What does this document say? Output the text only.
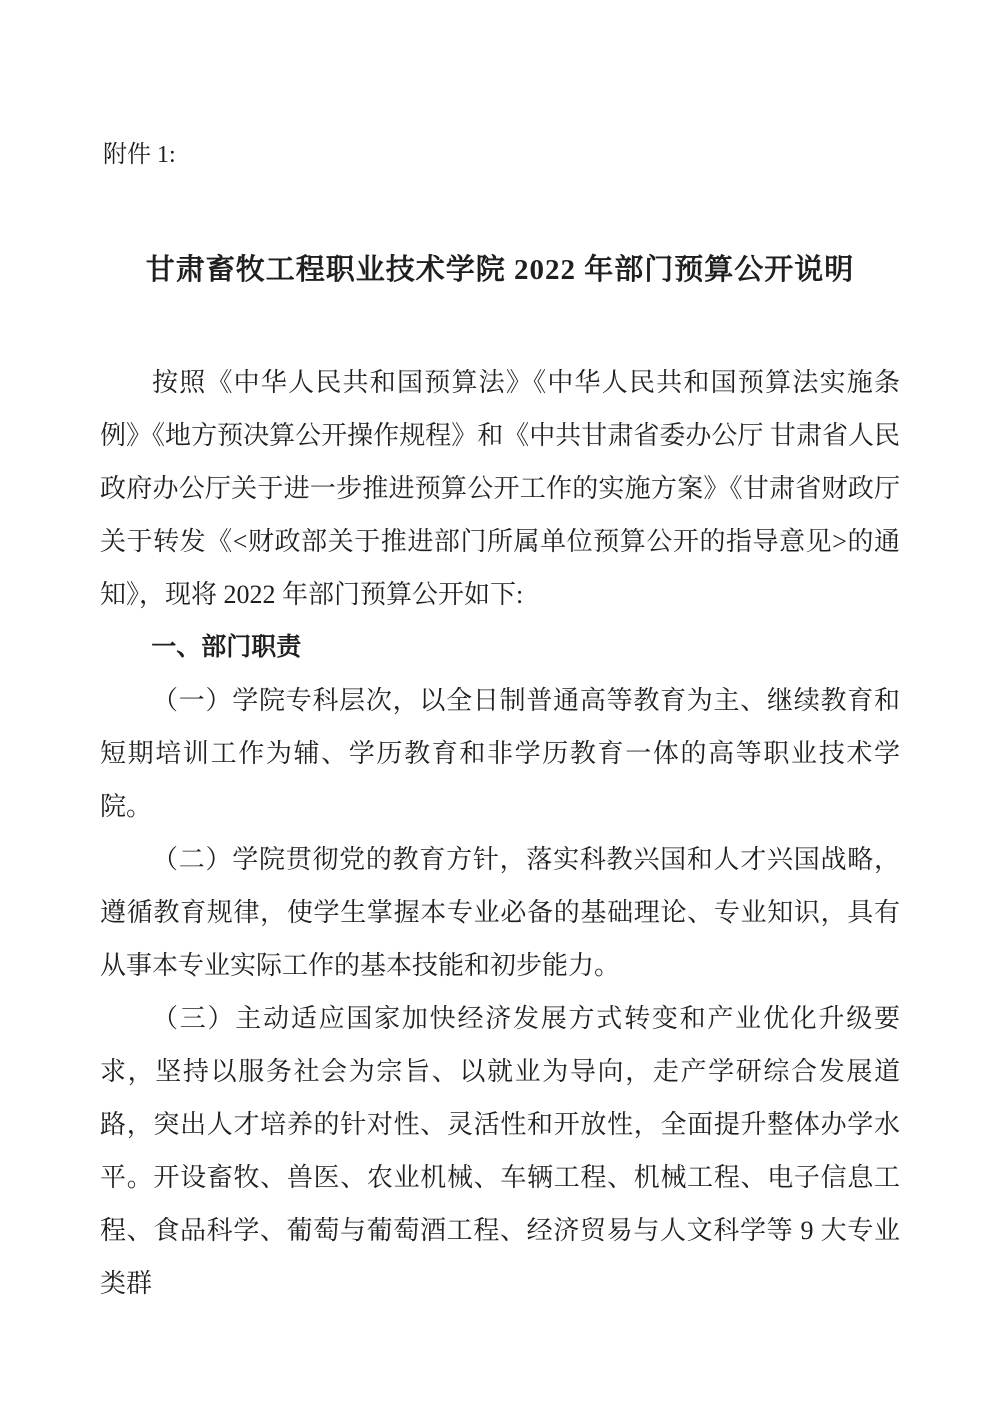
附件 1:
甘肃畜牧工程职业技术学院 2022 年部门预算公开说明

按照《中华人民共和国预算法》《中华人民共和国预算法实施条例》《地方预决算公开操作规程》和《中共甘肃省委办公厅 甘肃省人民政府办公厅关于进一步推进预算公开工作的实施方案》《甘肃省财政厅关于转发《<财政部关于推进部门所属单位预算公开的指导意见>的通知》，现将 2022 年部门预算公开如下:

一、部门职责

（一）学院专科层次，以全日制普通高等教育为主、继续教育和短期培训工作为辅、学历教育和非学历教育一体的高等职业技术学院。

（二）学院贯彻党的教育方针，落实科教兴国和人才兴国战略，遵循教育规律，使学生掌握本专业必备的基础理论、专业知识，具有从事本专业实际工作的基本技能和初步能力。

（三）主动适应国家加快经济发展方式转变和产业优化升级要求，坚持以服务社会为宗旨、以就业为导向，走产学研综合发展道路，突出人才培养的针对性、灵活性和开放性，全面提升整体办学水平。开设畜牧、兽医、农业机械、车辆工程、机械工程、电子信息工程、食品科学、葡萄与葡萄酒工程、经济贸易与人文科学等 9 大专业类群
